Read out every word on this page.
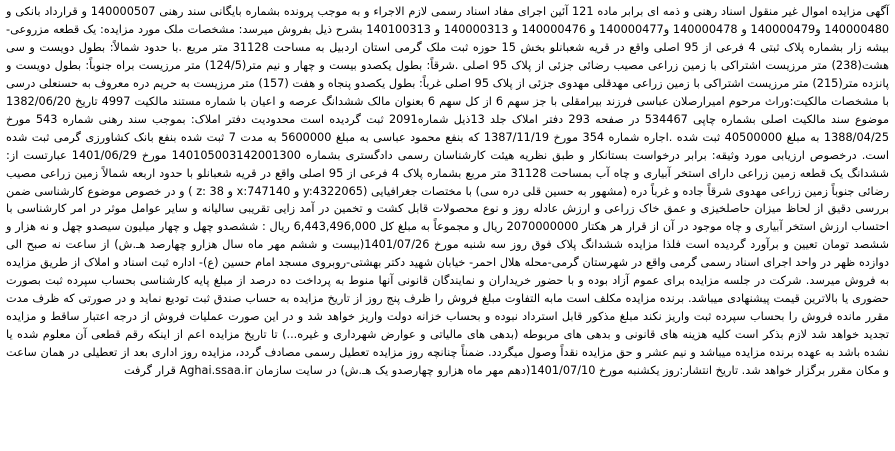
آگهی مزایده اموال غیر منقول اسناد رهنی و ذمه ای برابر ماده 121 آئین اجرای مفاد اسناد رسمی لازم الاجراء و به موجب پرونده بشماره بایگانی سند رهنی 140000507 و قرارداد بانکی و 140000480 و140000479 و 140000478 و140000477 و 140000476 و 140000313 و 140100313 بشرح ذیل بفروش میرسد: مشخصات ملک مورد مزایده: یک قطعه مزروعی-بیشه زار بشماره پلاک ثبتی 4 فرعی از 95 اصلی واقع در قریه شعبانلو بخش 15 حوزه ثبت ملک گرمی استان اردبیل به مساحت 31128 متر مربع .با حدود شمالاً: بطول دویست و سی هشت(238) متر مرزیست اشتراکی با زمین زراعی مصیب رضائی جزئی از پلاک 95 اصلی .شرقاً: بطول یکصدو بیست و چهار و نیم متر(124/5) متر مرزیست براه جنوباً: بطول دویست و پانزده متر(215) متر مرزیست اشتراکی با زمین زراعی مهدقلی مهدوی جزئی از پلاک 95 اصلی غرباً: بطول یکصدو پنجاه و هفت (157) متر مرزیست به حریم دره معروف به حسنعلی درسی با مشخصات مالکیت:وراث مرحوم امیرارصلان عباسی فرزند بیرامقلی با جز سهم 6 از کل سهم 6 بعنوان مالک ششدانگ عرصه و اعیان با شماره مستند مالکیت 4997 تاریخ 1382/06/20 موضوع سند مالکیت اصلی بشماره چاپی 534467 در صفحه 293 دفتر املاک جلد 13ذیل شماره2091 ثبت گردیده است محدودیت دفتر املاک: بموجب سند رهنی شماره 543 مورخ 1388/04/25 به مبلغ 40500000 ثبت شده .اجاره شماره 354 مورخ 1387/11/19 که بنفع محمود عباسی به مبلغ 5600000 به مدت 7 ثبت شده بنفع بانک کشاورزی گرمی ثبت شده است. درخصوص ارزیابی مورد وثیقه: برابر درخواست بستانکار و طبق نظریه هیئت کارشناسان رسمی دادگستری بشماره 140105003142001300 مورخ 1401/06/29 عبارتست از: ششدانگ یک قطعه زمین زراعی دارای استخر آبیاری و چاه آب بمساحت 31128 متر مربع بشماره پلاک 4 فرعی از 95 اصلی واقع در قریه شعبانلو با حدود اربعه شمالاً زمین زراعی مصیب رضائی جنوباً زمین زراعی مهدوی شرقاً جاده و غرباً دره (مشهور به حسین قلی دره سی) با مختصات جغرافیایی (y:4322065 و x:747140 و z: 38 ) و در خصوص موضوع کارشناسی ضمن بررسی دقیق از لحاظ میزان حاصلخیزی و عمق خاک زراعی و ارزش عادله روز و نوع محصولات قابل کشت و تخمین در آمد زایی تقریبی سالیانه و سایر عوامل موثر در امر کارشناسی با احتساب ارزش استخر آبیاری و چاه موجود در آن از قرار هر هکتار 2070000000 ریال و مجموعاً به مبلغ کل 6,443,496,000 ریال : ششصدو چهل و چهار میلیون سیصدو چهل و نه هزار و ششصد تومان تعیین و برآورد گردیده است فلذا مزایده ششدانگ پلاک فوق روز سه شنبه مورخ 1401/07/26(بیست و ششم مهر ماه سال هزارو چهارصد هـ.ش) از ساعت نه صبح الی دوازده ظهر در واحد اجرای اسناد رسمی گرمی واقع در شهرستان گرمی-محله هلال احمر- خیابان شهید دکتر بهشتی-روبروی مسجد امام حسین (ع)- اداره ثبت اسناد و املاک از طریق مزایده به فروش میرسد. شرکت در جلسه مزایده برای عموم آزاد بوده و با حضور خریداران و نمایندگان قانونی آنها منوط به پرداخت ده درصد از مبلغ پایه کارشناسی بحساب سپرده ثبت بصورت حضوری یا بالاترین قیمت پیشنهادی میباشد. برنده مزایده مکلف است مابه التفاوت مبلغ فروش را ظرف پنج روز از تاریخ مزایده به حساب صندق ثبت تودیع نماید و در صورتی که ظرف مدت مقرر مانده فروش را بحساب سپرده ثبت واریز نکند مبلغ مذکور قابل استرداد نبوده و بحساب خزانه دولت واریز خواهد شد و در این صورت عملیات فروش از درجه اعتبار ساقط و مزایده تجدید خواهد شد لازم بذکر است کلیه هزینه های قانونی و بدهی های مربوطه (بدهی های مالیاتی و عوارض شهرداری و غیره...) تا تاریخ مزایده اعم از اینکه رقم قطعی آن معلوم شده یا نشده باشد به عهده برنده مزایده میباشد و نیم عشر و حق مزایده نقداً وصول میگردد. ضمناً چنانچه روز مزایده تعطیل رسمی مصادف گردد، مزایده روز اداری بعد از تعطیلی در همان ساعت و مکان مقرر برگزار خواهد شد. تاریخ انتشار:روز یکشنبه مورخ 1401/07/10(دهم مهر ماه هزارو چهارصدو یک هـ.ش) در سایت سازمان Aghai.ssaa.ir قرار گرفت
